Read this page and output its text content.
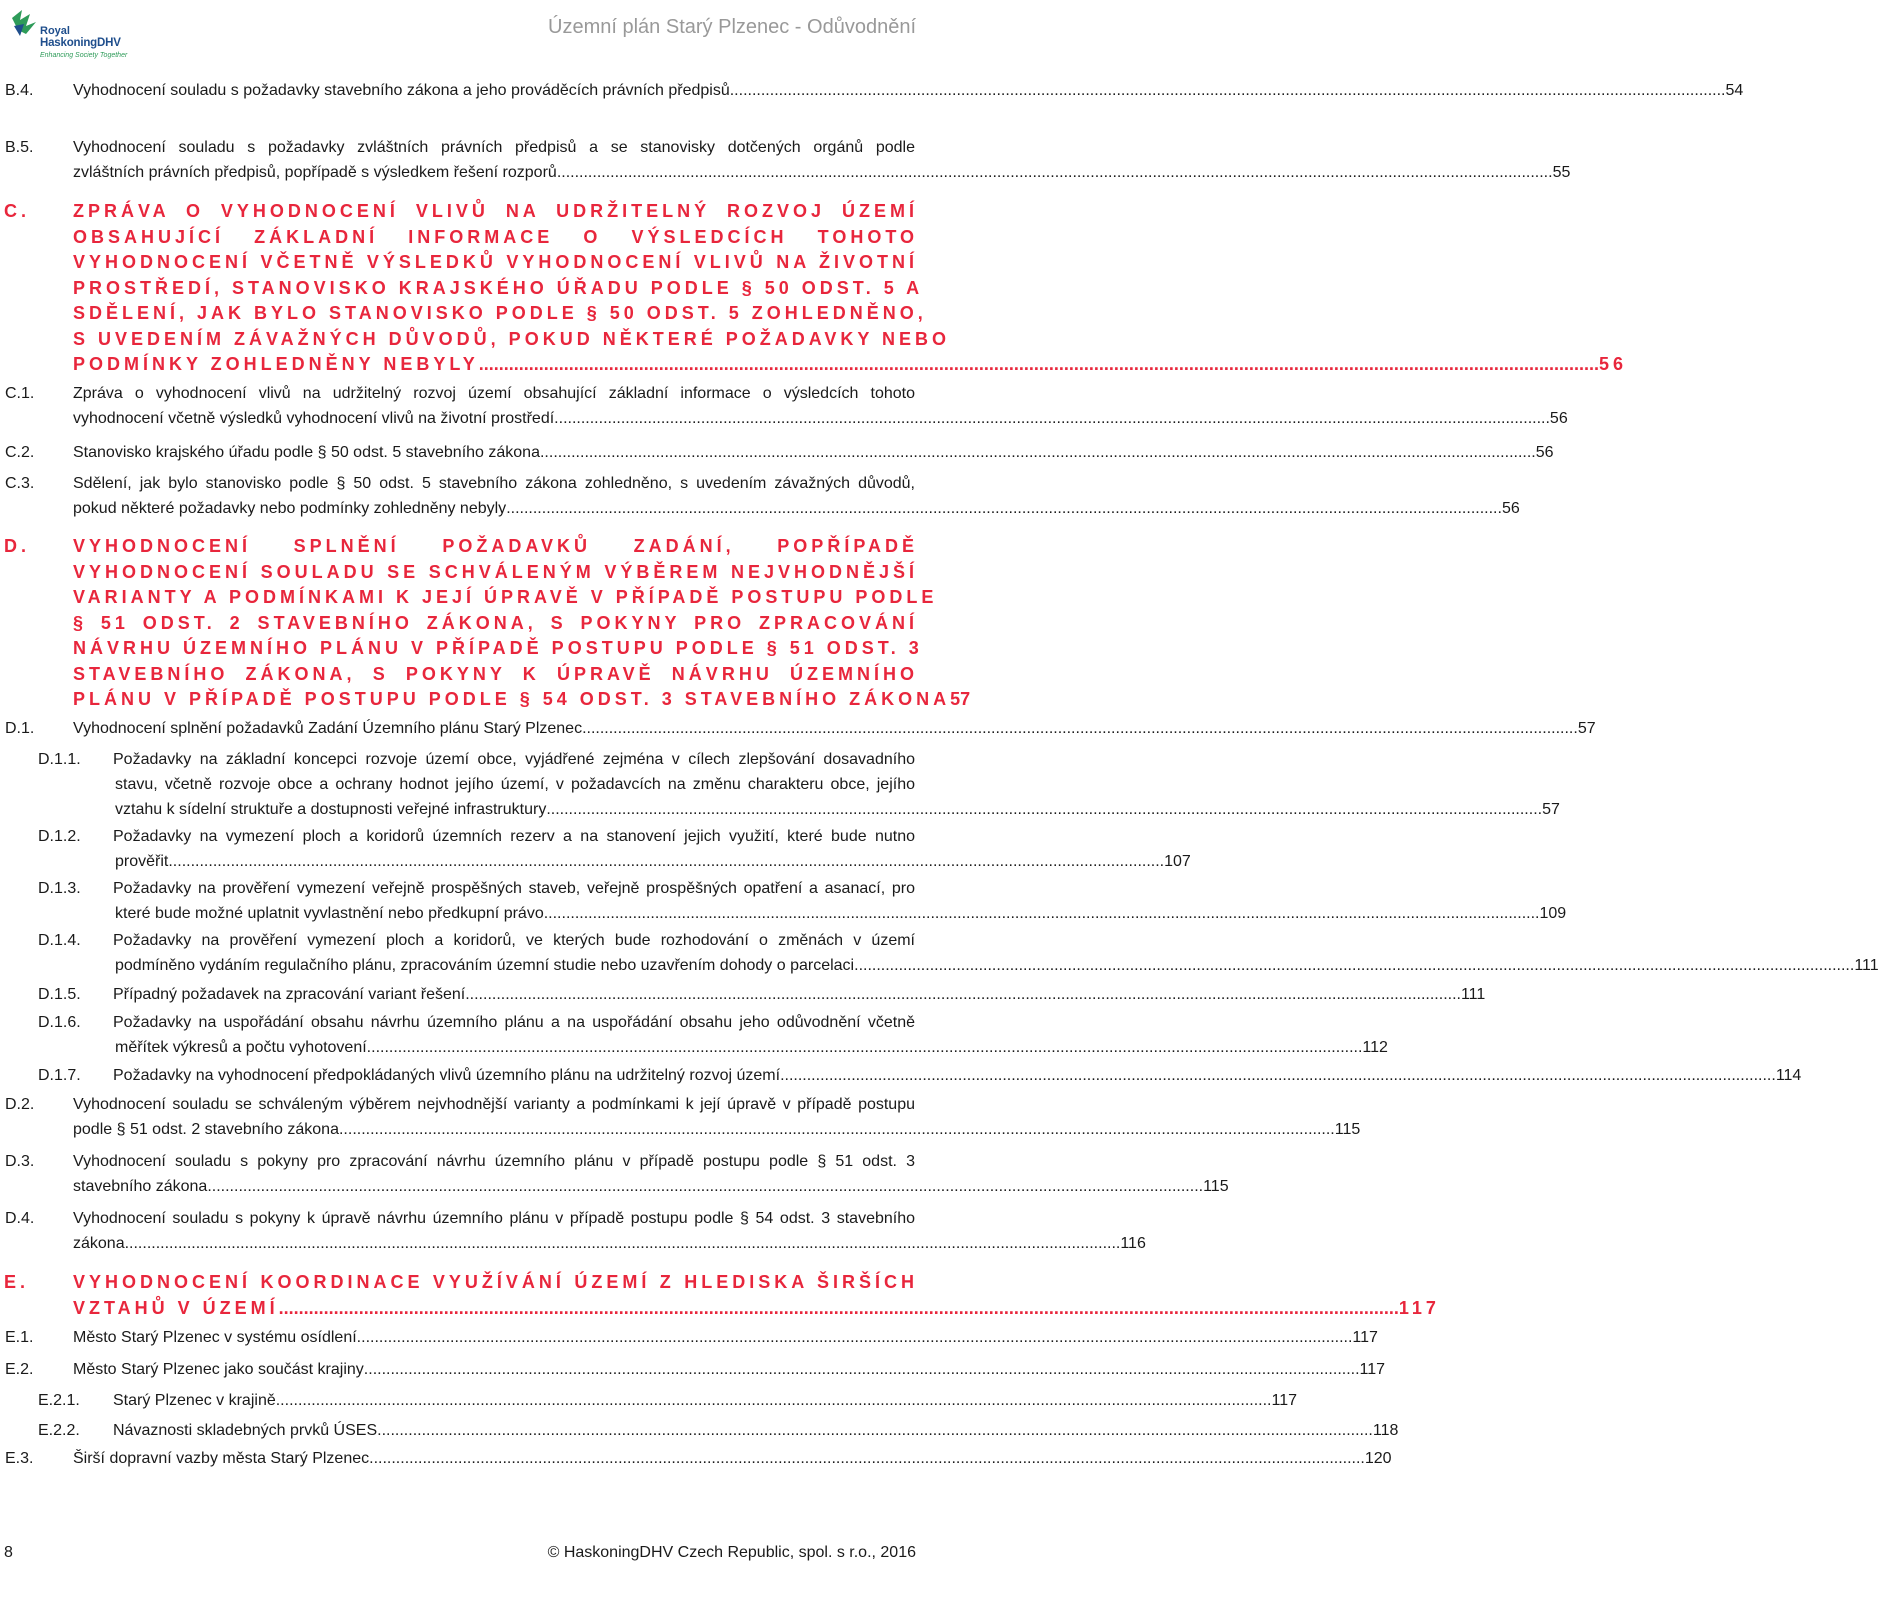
Royal
HaskoningDHV
Enhancing Society Together
Územní plán Starý Plzenec - Odůvodnění
B.4. Vyhodnocení souladu s požadavky stavebního zákona a jeho prováděcích právních předpisů .....	54
B.5. Vyhodnocení souladu s požadavky zvláštních právních předpisů a se stanovisky dotčených orgánů podle
zvláštních právních předpisů, popřípadě s výsledkem řešení rozporů .....	55
C. ZPRÁVA O VYHODNOCENÍ VLIVŮ NA UDRŽITELNÝ ROZVOJ ÚZEMÍ
OBSAHUJÍCÍ ZÁKLADNÍ INFORMACE O VÝSLEDCÍCH TOHOTO
VYHODNOCENÍ VČETNĚ VÝSLEDKŮ VYHODNOCENÍ VLIVŮ NA ŽIVOTNÍ
PROSTŘEDÍ, STANOVISKO KRAJSKÉHO ÚŘADU PODLE § 50 ODST. 5 A
SDĚLENÍ, JAK BYLO STANOVISKO PODLE § 50 ODST. 5 ZOHLEDNĚNO,
S UVEDENÍM ZÁVAŽNÝCH DŮVODŮ, POKUD NĚKTERÉ POŽADAVKY NEBO
PODMÍNKY ZOHLEDNĚNY NEBYLY .....	56
C.1. Zpráva o vyhodnocení vlivů na udržitelný rozvoj území obsahující základní informace o výsledcích tohoto
vyhodnocení včetně výsledků vyhodnocení vlivů na životní prostředí .....	56
C.2. Stanovisko krajského úřadu podle § 50 odst. 5 stavebního zákona .....	56
C.3. Sdělení, jak bylo stanovisko podle § 50 odst. 5 stavebního zákona zohledněno, s uvedením závažných důvodů,
pokud některé požadavky nebo podmínky zohledněny nebyly .....	56
D. VYHODNOCENÍ SPLNĚNÍ POŽADAVKŮ ZADÁNÍ, POPŘÍPADĚ
VYHODNOCENÍ SOULADU SE SCHVÁLENÝM VÝBĚREM NEJVHODNĚJŠÍ
VARIANTY A PODMÍNKAMI K JEJÍ ÚPRAVĚ V PŘÍPADĚ POSTUPU PODLE
§ 51 ODST. 2 STAVEBNÍHO ZÁKONA, S POKYNY PRO ZPRACOVÁNÍ
NÁVRHU ÚZEMNÍHO PLÁNU V PŘÍPADĚ POSTUPU PODLE § 51 ODST. 3
STAVEBNÍHO ZÁKONA, S POKYNY K ÚPRAVĚ NÁVRHU ÚZEMNÍHO
PLÁNU V PŘÍPADĚ POSTUPU PODLE § 54 ODST. 3 STAVEBNÍHO ZÁKONA 57
D.1. Vyhodnocení splnění požadavků Zadání Územního plánu Starý Plzenec .....	57
D.1.1. Požadavky na základní koncepci rozvoje území obce, vyjádřené zejména v cílech zlepšování dosavadního
stavu, včetně rozvoje obce a ochrany hodnot jejího území, v požadavcích na změnu charakteru obce, jejího
vztahu k sídelní struktuře a dostupnosti veřejné infrastruktury .....	57
D.1.2. Požadavky na vymezení ploch a koridorů územních rezerv a na stanovení jejich využití, které bude nutno
prověřit .....	107
D.1.3. Požadavky na prověření vymezení veřejně prospěšných staveb, veřejně prospěšných opatření a asanací, pro
které bude možné uplatnit vyvlastnění nebo předkupní právo .....	109
D.1.4. Požadavky na prověření vymezení ploch a koridorů, ve kterých bude rozhodování o změnách v území
podmíněno vydáním regulačního plánu, zpracováním územní studie nebo uzavřením dohody o parcelaci. .....	111
D.1.5. Případný požadavek na zpracování variant řešení .....	111
D.1.6. Požadavky na uspořádání obsahu návrhu územního plánu a na uspořádání obsahu jeho odůvodnění včetně
měřítek výkresů a počtu vyhotovení .....	112
D.1.7. Požadavky na vyhodnocení předpokládaných vlivů územního plánu na udržitelný rozvoj území .....	114
D.2. Vyhodnocení souladu se schváleným výběrem nejvhodnější varianty a podmínkami k její úpravě v případě postupu
podle § 51 odst. 2 stavebního zákona .....	115
D.3. Vyhodnocení souladu s pokyny pro zpracování návrhu územního plánu v případě postupu podle § 51 odst. 3
stavebního zákona .....	115
D.4. Vyhodnocení souladu s pokyny k úpravě návrhu územního plánu v případě postupu podle § 54 odst. 3 stavebního
zákona .....	116
E. VYHODNOCENÍ KOORDINACE VYUŽÍVÁNÍ ÚZEMÍ Z HLEDISKA ŠIRŠÍCH
VZTAHŮ V ÚZEMÍ .....	117
E.1. Město Starý Plzenec v systému osídlení .....	117
E.2. Město Starý Plzenec jako součást krajiny .....	117
E.2.1. Starý Plzenec v krajině .....	117
E.2.2. Návaznosti skladebných prvků ÚSES .....	118
E.3. Širší dopravní vazby města Starý Plzenec .....	120
8	© HaskoningDHV Czech Republic, spol. s r.o., 2016
